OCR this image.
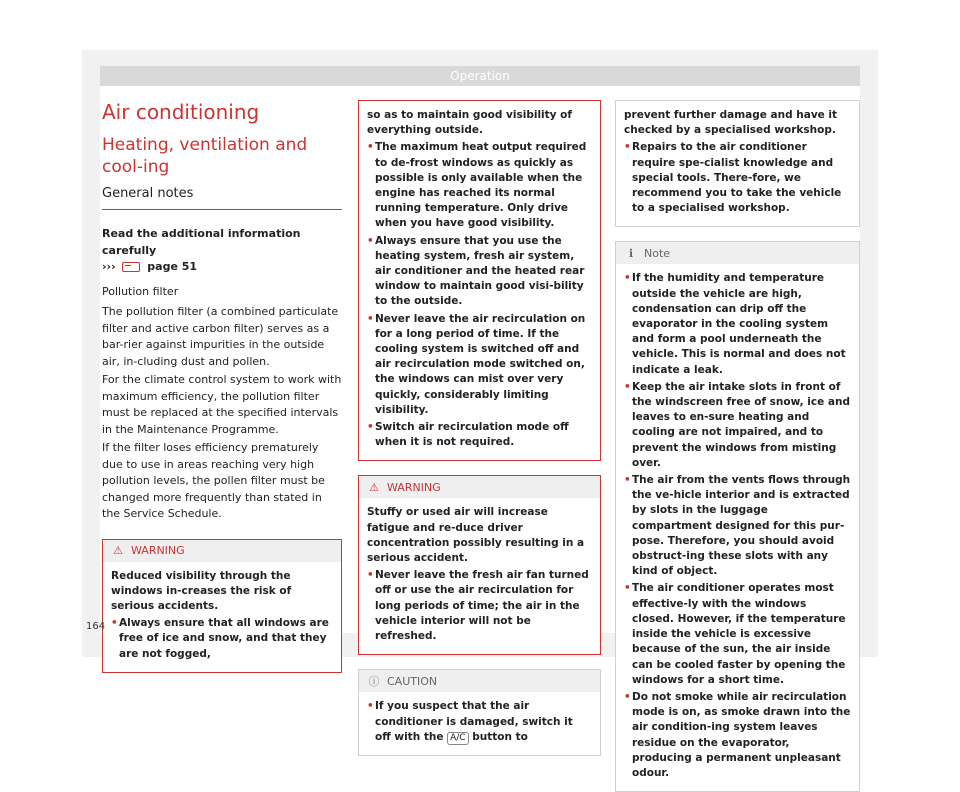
Operation
Air conditioning
Heating, ventilation and cool-ing
General notes

Read the additional information carefully
›››	page 51

Pollution filter

The pollution filter (a combined particulate filter and active carbon filter) serves as a bar-rier against impurities in the outside air, in-cluding dust and pollen.

For the climate control system to work with maximum efficiency, the pollution filter must be replaced at the specified intervals in the Maintenance Programme.

If the filter loses efficiency prematurely due to use in areas reaching very high pollution levels, the pollen filter must be changed more frequently than stated in the Service Schedule.

⚠ WARNING

Reduced visibility through the windows in-creases the risk of serious accidents.

• Always ensure that all windows are free of ice and snow, and that they are not fogged,

so as to maintain good visibility of everything outside.

• The maximum heat output required to de-frost windows as quickly as possible is only available when the engine has reached its normal running temperature. Only drive when you have good visibility.

• Always ensure that you use the heating system, fresh air system, air conditioner and the heated rear window to maintain good visi-bility to the outside.

• Never leave the air recirculation on for a long period of time. If the cooling system is switched off and air recirculation mode switched on, the windows can mist over very quickly, considerably limiting visibility.

• Switch air recirculation mode off when it is not required.

⚠ WARNING

Stuffy or used air will increase fatigue and re-duce driver concentration possibly resulting in a serious accident.

• Never leave the fresh air fan turned off or use the air recirculation for long periods of time; the air in the vehicle interior will not be refreshed.

ⓘ CAUTION

• If you suspect that the air conditioner is damaged, switch it off with the A/C button to

prevent further damage and have it checked by a specialised workshop.

• Repairs to the air conditioner require spe-cialist knowledge and special tools. There-fore, we recommend you to take the vehicle to a specialised workshop.

ℹ Note

• If the humidity and temperature outside the vehicle are high, condensation can drip off the evaporator in the cooling system and form a pool underneath the vehicle. This is normal and does not indicate a leak.

• Keep the air intake slots in front of the windscreen free of snow, ice and leaves to en-sure heating and cooling are not impaired, and to prevent the windows from misting over.

• The air from the vents flows through the ve-hicle interior and is extracted by slots in the luggage compartment designed for this pur-pose. Therefore, you should avoid obstruct-ing these slots with any kind of object.

• The air conditioner operates most effective-ly with the windows closed. However, if the temperature inside the vehicle is excessive because of the sun, the air inside can be cooled faster by opening the windows for a short time.

• Do not smoke while air recirculation mode is on, as smoke drawn into the air condition-ing system leaves residue on the evaporator, producing a permanent unpleasant odour.

164
